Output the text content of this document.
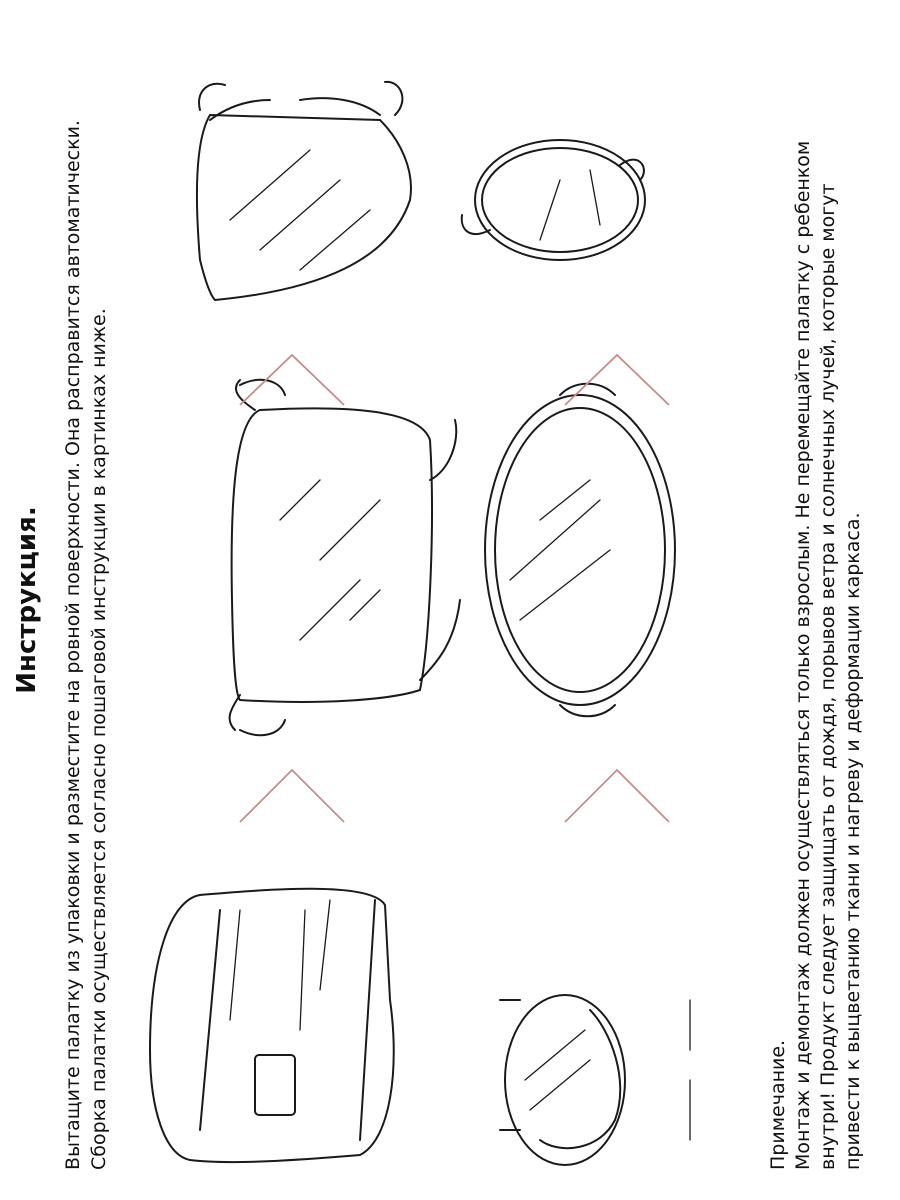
Инструкция. Вытащите палатку из упаковки и разместите на ровной поверхности. Она расправится автоматически. Сборка палатки осуществляется согласно пошаговой инструкции в картинках ниже.	Примечание. Монтаж и демонтаж должен осуществляться только взрослым. Не перемещайте палатку с ребенком внутри! Продукт следует защищать от дождя, порывов ветра и солнечных лучей, которые могут привести к выцветанию ткани и нагреву и деформации каркаса.
